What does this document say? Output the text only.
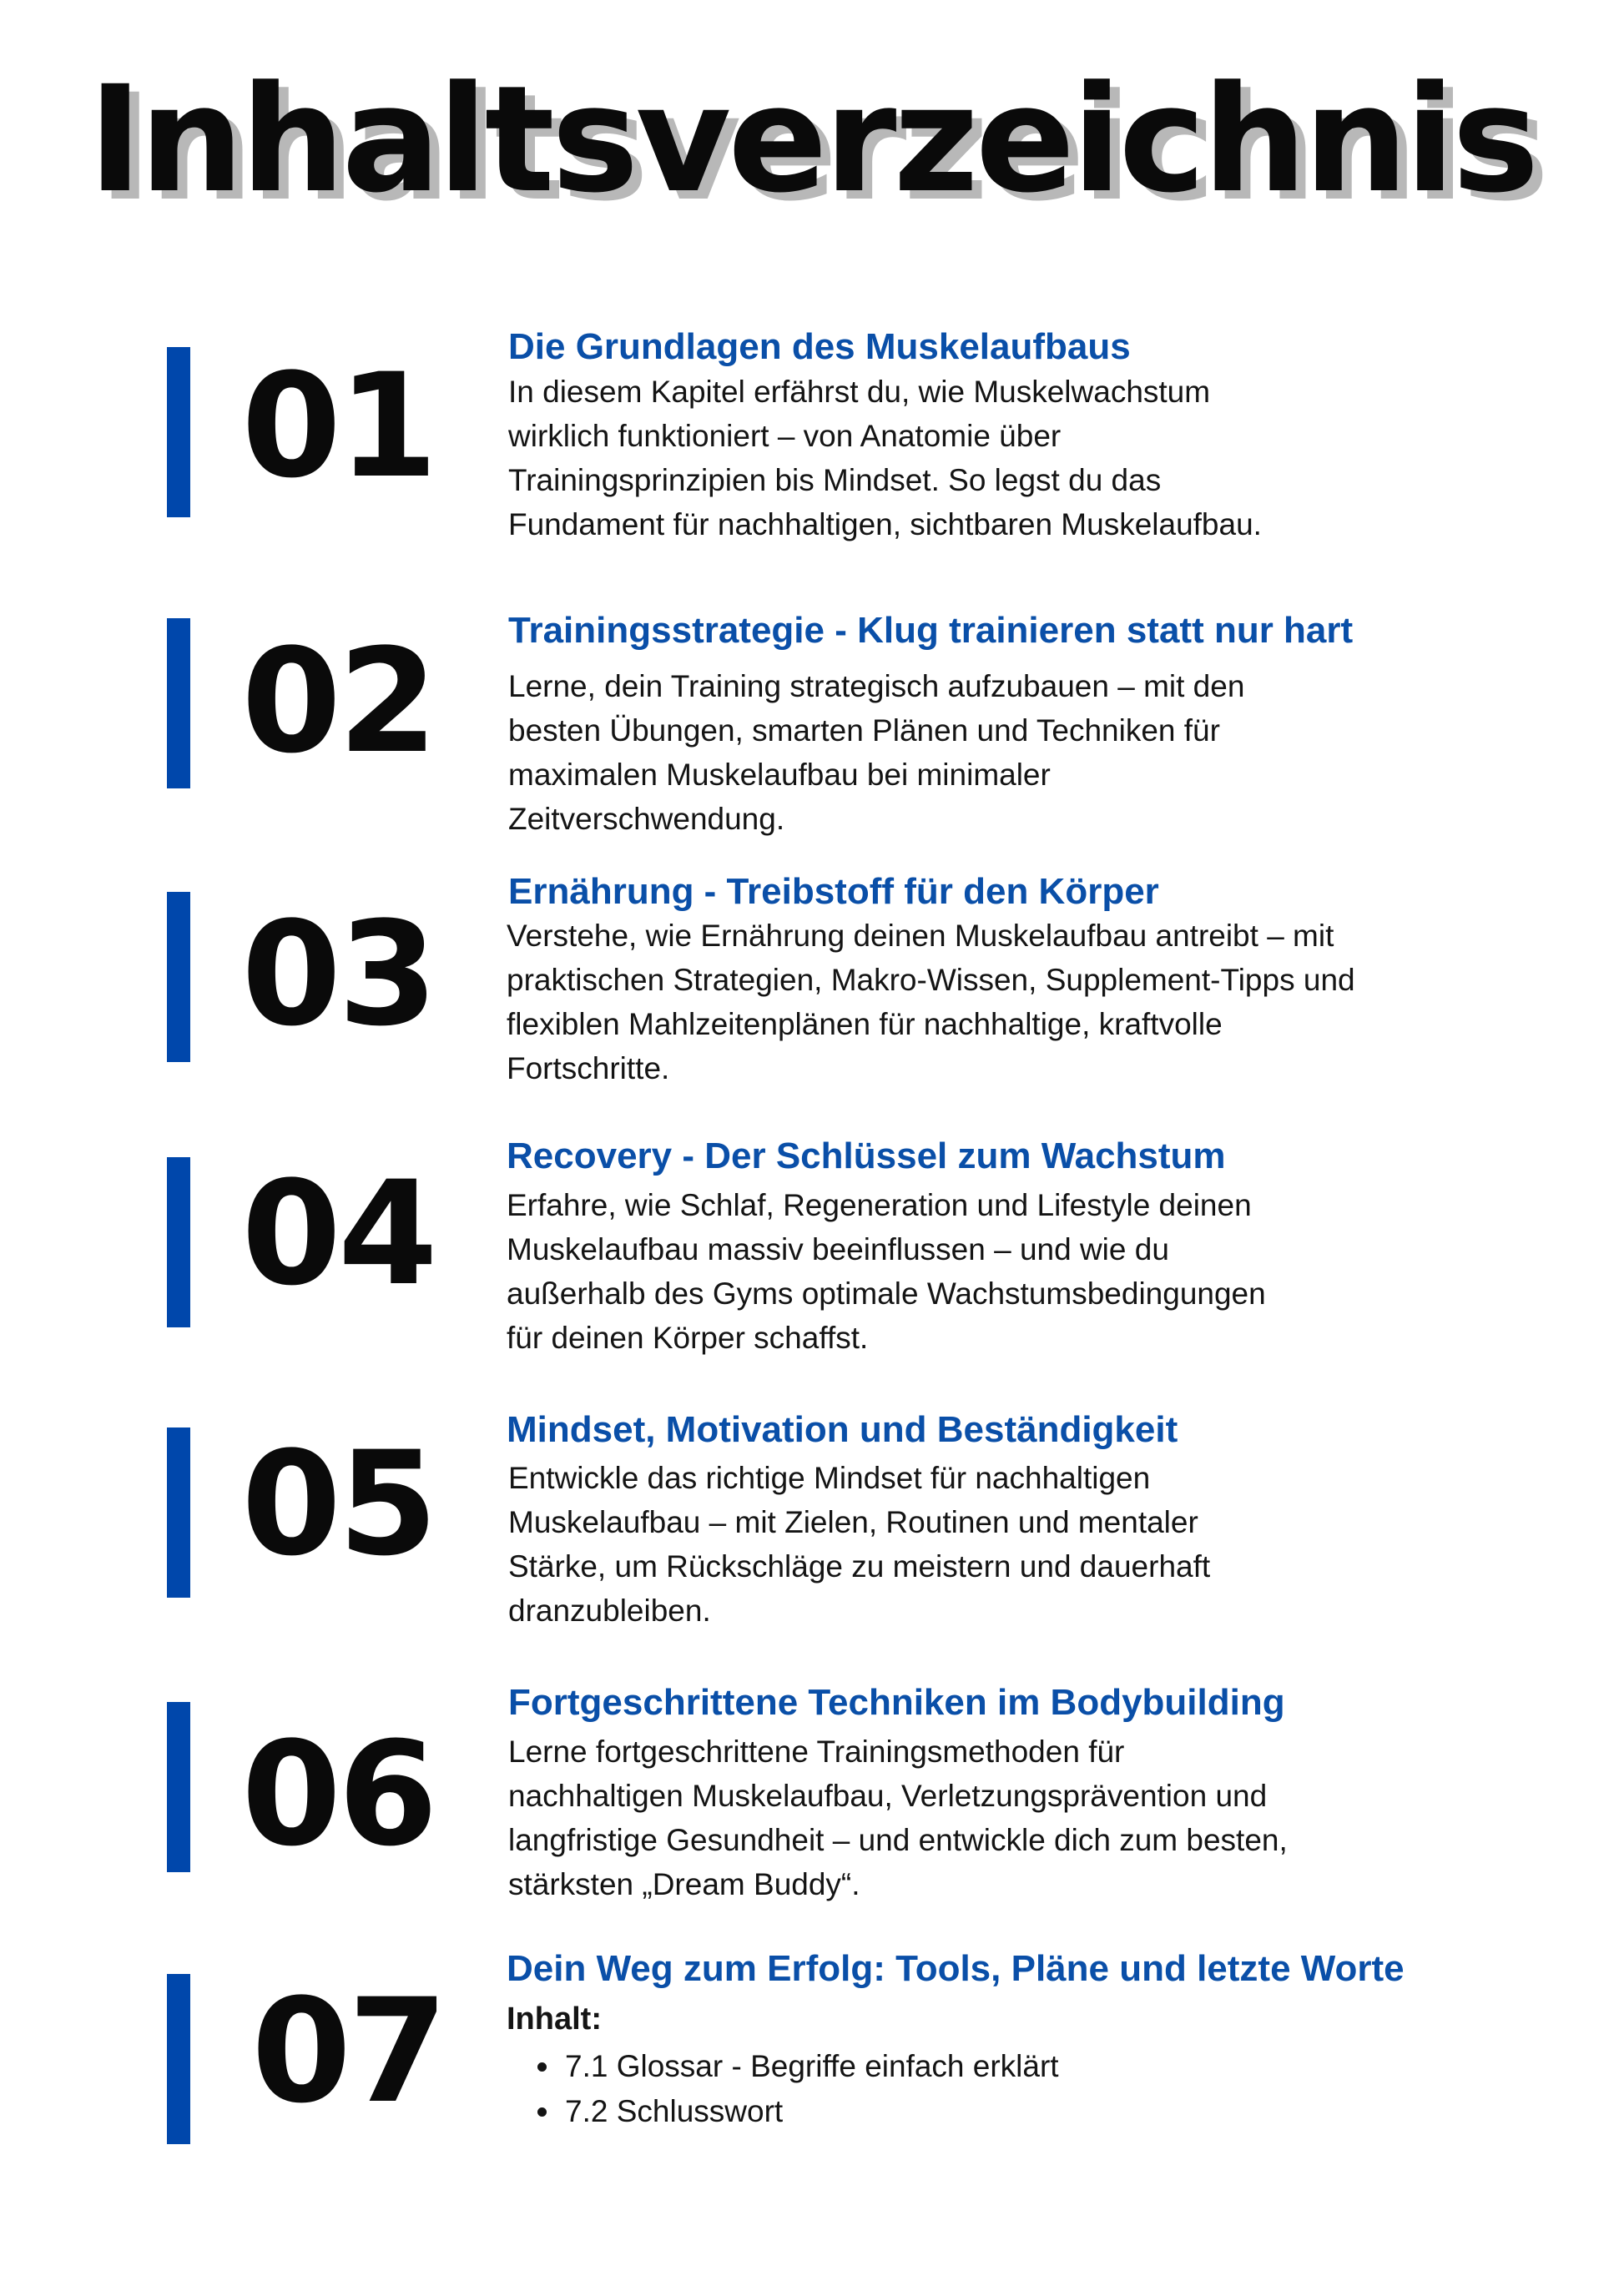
Inhaltsverzeichnis
01 Die Grundlagen des Muskelaufbaus
In diesem Kapitel erfährst du, wie Muskelwachstum
wirklich funktioniert – von Anatomie über
Trainingsprinzipien bis Mindset. So legst du das
Fundament für nachhaltigen, sichtbaren Muskelaufbau.
02 Trainingsstrategie - Klug trainieren statt nur hart
Lerne, dein Training strategisch aufzubauen – mit den
besten Übungen, smarten Plänen und Techniken für
maximalen Muskelaufbau bei minimaler
Zeitverschwendung.
03 Ernährung - Treibstoff für den Körper
Verstehe, wie Ernährung deinen Muskelaufbau antreibt – mit
praktischen Strategien, Makro-Wissen, Supplement-Tipps und
flexiblen Mahlzeitenplänen für nachhaltige, kraftvolle
Fortschritte.
04 Recovery - Der Schlüssel zum Wachstum
Erfahre, wie Schlaf, Regeneration und Lifestyle deinen
Muskelaufbau massiv beeinflussen – und wie du
außerhalb des Gyms optimale Wachstumsbedingungen
für deinen Körper schaffst.
05 Mindset, Motivation und Beständigkeit
Entwickle das richtige Mindset für nachhaltigen
Muskelaufbau – mit Zielen, Routinen und mentaler
Stärke, um Rückschläge zu meistern und dauerhaft
dranzubleiben.
06
Fortgeschrittene Techniken im Bodybuilding
Lerne fortgeschrittene Trainingsmethoden für
nachhaltigen Muskelaufbau, Verletzungsprävention und
langfristige Gesundheit – und entwickle dich zum besten,
stärksten „Dream Buddy“.
07 Dein Weg zum Erfolg: Tools, Pläne und letzte Worte
Inhalt:
• 7.1 Glossar - Begriffe einfach erklärt
• 7.2 Schlusswort
